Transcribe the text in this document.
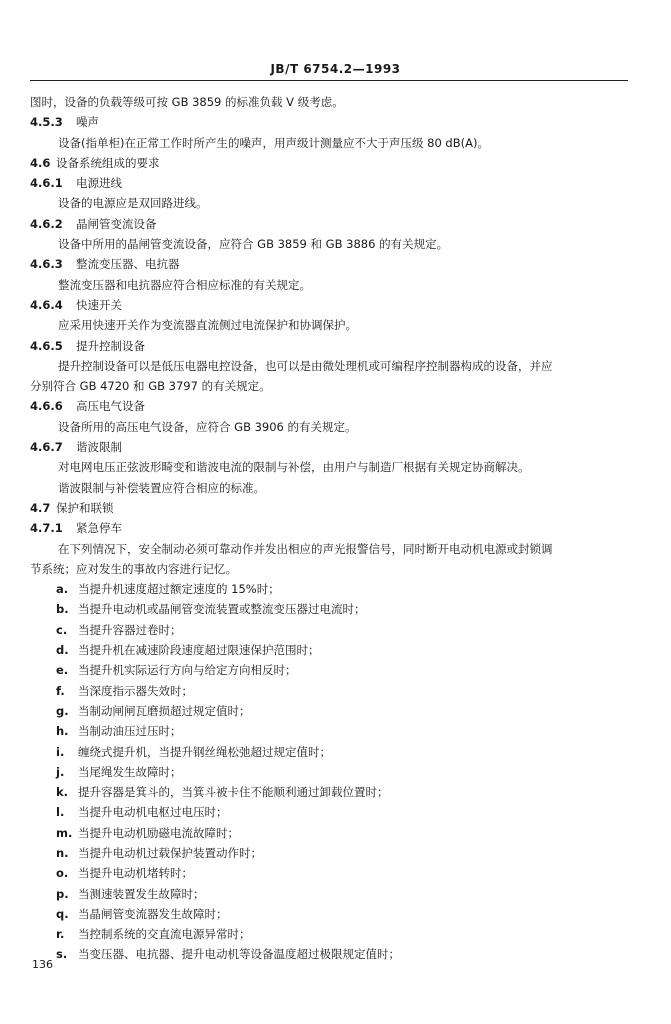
JB/T 6754.2—1993
图时，设备的负载等级可按 GB 3859 的标准负载 V 级考虑。
4.5.3 噪声
设备(指单柜)在正常工作时所产生的噪声，用声级计测量应不大于声压级 80 dB(A)。
4.6 设备系统组成的要求
4.6.1 电源进线
设备的电源应是双回路进线。
4.6.2 晶闸管变流设备
设备中所用的晶闸管变流设备，应符合 GB 3859 和 GB 3886 的有关规定。
4.6.3 整流变压器、电抗器
整流变压器和电抗器应符合相应标准的有关规定。
4.6.4 快速开关
应采用快速开关作为变流器直流侧过电流保护和协调保护。
4.6.5 提升控制设备
提升控制设备可以是低压电器电控设备，也可以是由微处理机或可编程序控制器构成的设备，并应
分别符合 GB 4720 和 GB 3797 的有关规定。
4.6.6 高压电气设备
设备所用的高压电气设备，应符合 GB 3906 的有关规定。
4.6.7 谐波限制
对电网电压正弦波形畸变和谐波电流的限制与补偿，由用户与制造厂根据有关规定协商解决。
谐波限制与补偿装置应符合相应的标准。
4.7 保护和联锁
4.7.1 紧急停车
在下列情况下，安全制动必须可靠动作并发出相应的声光报警信号，同时断开电动机电源或封锁调
节系统；应对发生的事故内容进行记忆。
a. 当提升机速度超过额定速度的 15%时；
b. 当提升电动机或晶闸管变流装置或整流变压器过电流时；
c. 当提升容器过卷时；
d. 当提升机在减速阶段速度超过限速保护范围时；
e. 当提升机实际运行方向与给定方向相反时；
f. 当深度指示器失效时；
g. 当制动闸闸瓦磨损超过规定值时；
h. 当制动油压过压时；
i. 缠绕式提升机，当提升钢丝绳松弛超过规定值时；
j. 当尾绳发生故障时；
k. 提升容器是箕斗的，当箕斗被卡住不能顺利通过卸载位置时；
l. 当提升电动机电枢过电压时；
m. 当提升电动机励磁电流故障时；
n. 当提升电动机过载保护装置动作时；
o. 当提升电动机堵转时；
p. 当测速装置发生故障时；
q. 当晶闸管变流器发生故障时；
r. 当控制系统的交直流电源异常时；
s. 当变压器、电抗器、提升电动机等设备温度超过极限规定值时；
136
